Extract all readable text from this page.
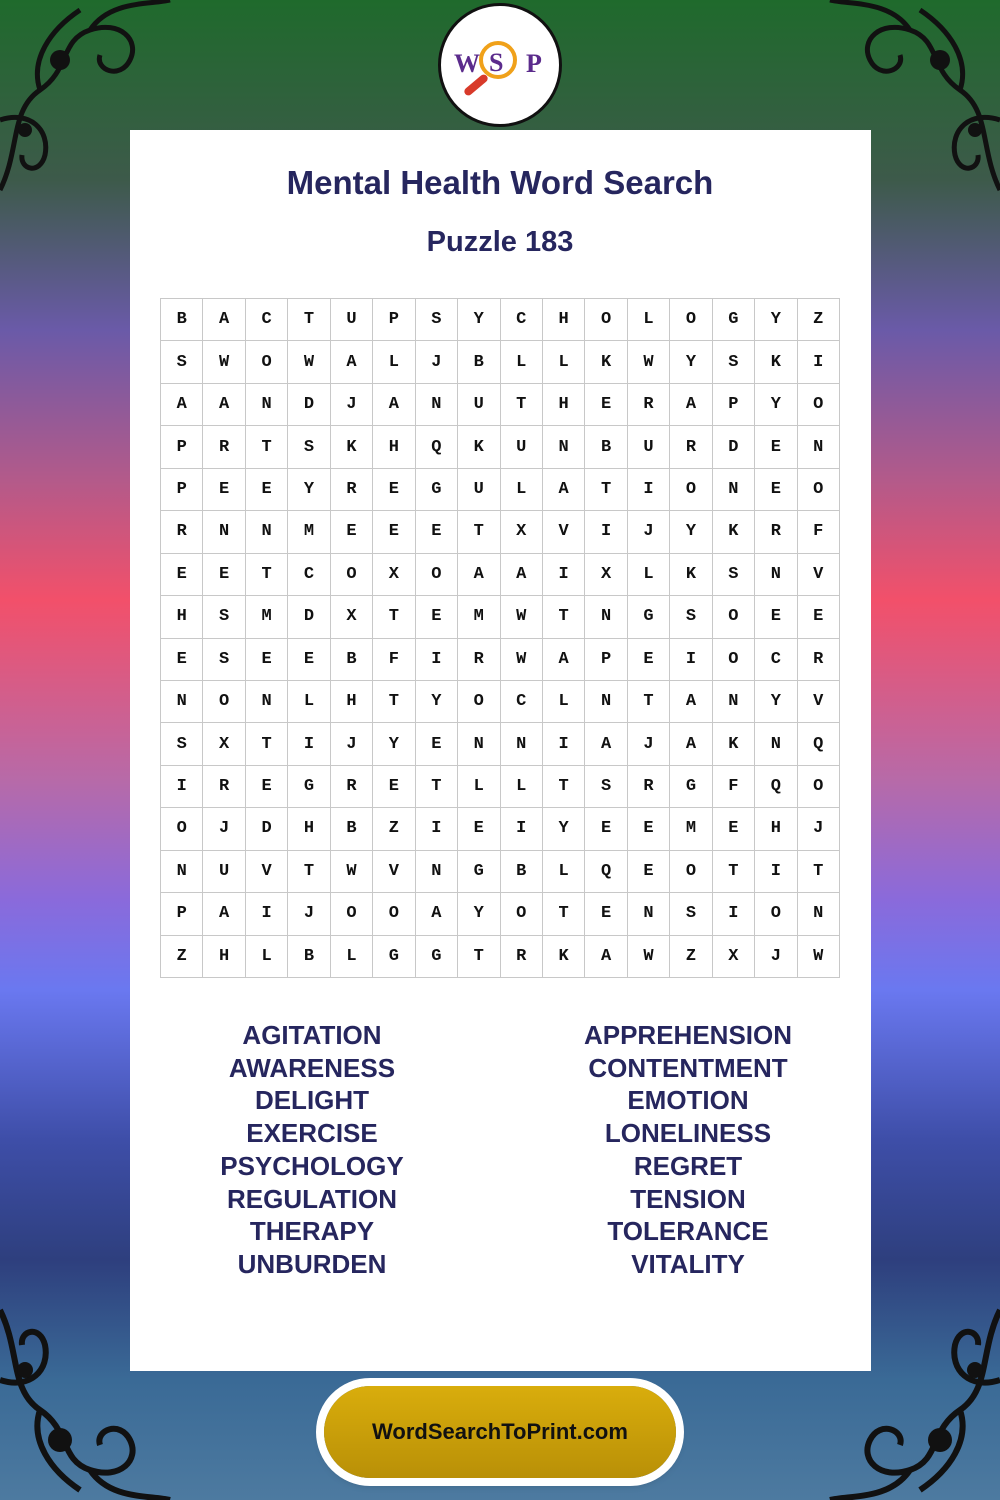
W S P
Mental Health Word Search
Puzzle 183
B	A	C	T	U	P	S	Y	C	H	O	L	O	G	Y	Z
S	W	O	W	A	L	J	B	L	L	K	W	Y	S	K	I
A	A	N	D	J	A	N	U	T	H	E	R	A	P	Y	O
P	R	T	S	K	H	Q	K	U	N	B	U	R	D	E	N
P	E	E	Y	R	E	G	U	L	A	T	I	O	N	E	O
R	N	N	M	E	E	E	T	X	V	I	J	Y	K	R	F
E	E	T	C	O	X	O	A	A	I	X	L	K	S	N	V
H	S	M	D	X	T	E	M	W	T	N	G	S	O	E	E
E	S	E	E	B	F	I	R	W	A	P	E	I	O	C	R
N	O	N	L	H	T	Y	O	C	L	N	T	A	N	Y	V
S	X	T	I	J	Y	E	N	N	I	A	J	A	K	N	Q
I	R	E	G	R	E	T	L	L	T	S	R	G	F	Q	O
O	J	D	H	B	Z	I	E	I	Y	E	E	M	E	H	J
N	U	V	T	W	V	N	G	B	L	Q	E	O	T	I	T
P	A	I	J	O	O	A	Y	O	T	E	N	S	I	O	N
Z	H	L	B	L	G	G	T	R	K	A	W	Z	X	J	W
AGITATION
AWARENESS
DELIGHT
EXERCISE
PSYCHOLOGY
REGULATION
THERAPY
UNBURDEN
APPREHENSION
CONTENTMENT
EMOTION
LONELINESS
REGRET
TENSION
TOLERANCE
VITALITY
WordSearchToPrint.com
